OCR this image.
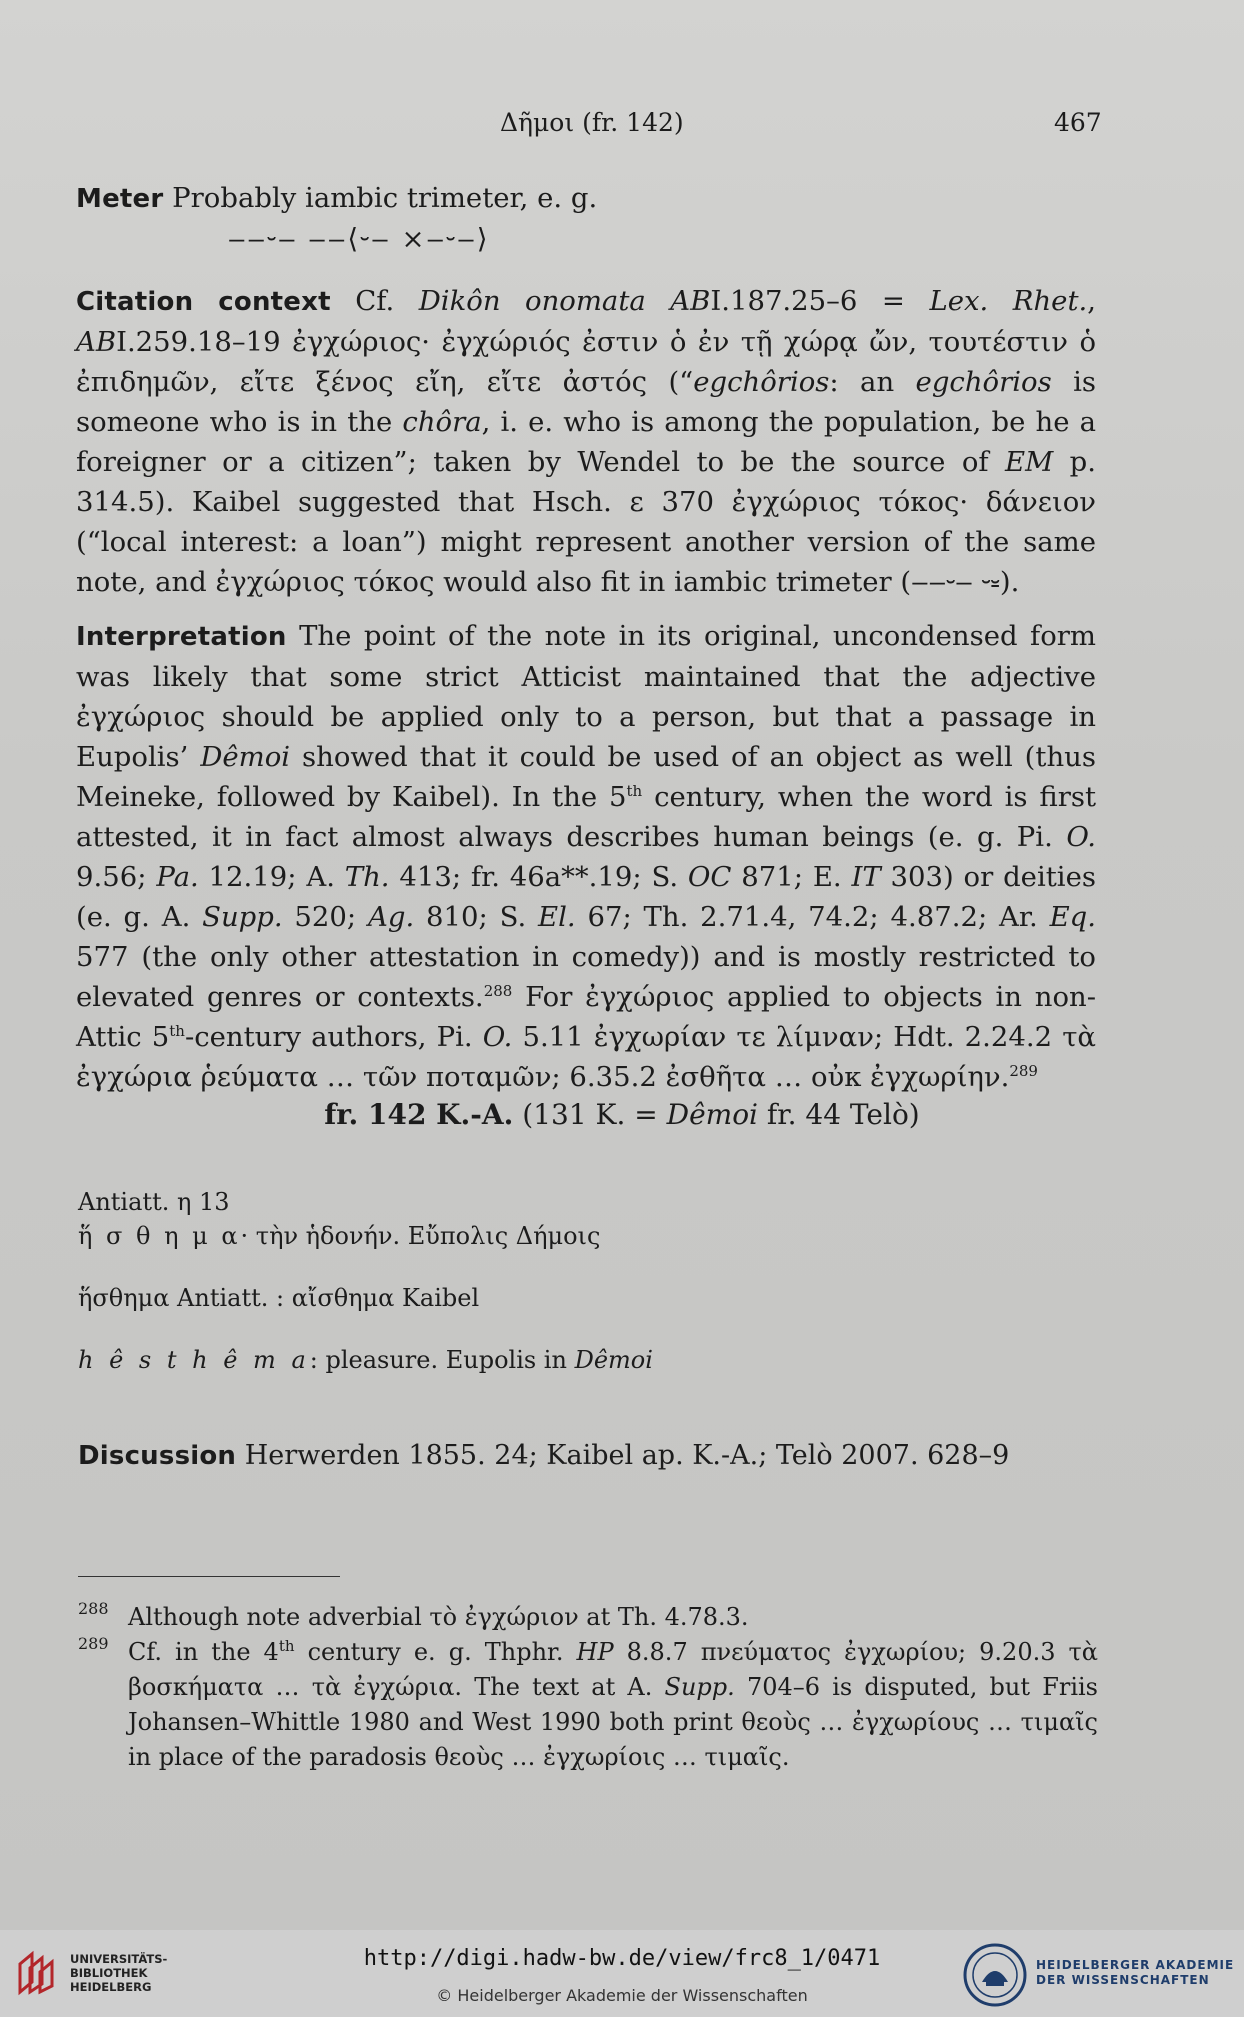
Δῆμοι (fr. 142)	467

Meter Probably iambic trimeter, e. g.

‒‒⏑‒ ‒‒⟨⏑‒ ×‒⏑‒⟩

Citation context Cf. Dikôn onomata ABI.187.25–6 = Lex. Rhet., ABI.259.18–19 ἐγχώριος· ἐγχώριός ἐστιν ὁ ἐν τῇ χώρᾳ ὤν, τουτέστιν ὁ ἐπιδημῶν, εἴτε ξένος εἴη, εἴτε ἀστός (“egchôrios: an egchôrios is someone who is in the chôra, i. e. who is among the population, be he a foreigner or a citizen”; taken by Wendel to be the source of EM p. 314.5). Kaibel suggested that Hsch. ε 370 ἐγχώριος τόκος· δάνειον (“local interest: a loan”) might represent another version of the same note, and ἐγχώριος τόκος would also fit in iambic trimeter (‒‒⏑‒ ⏑⏓).

Interpretation The point of the note in its original, uncondensed form was likely that some strict Atticist maintained that the adjective ἐγχώριος should be applied only to a person, but that a passage in Eupolis’ Dêmoi showed that it could be used of an object as well (thus Meineke, followed by Kaibel). In the 5th century, when the word is first attested, it in fact almost always describes human beings (e. g. Pi. O. 9.56; Pa. 12.19; A. Th. 413; fr. 46a**.19; S. OC 871; E. IT 303) or deities (e. g. A. Supp. 520; Ag. 810; S. El. 67; Th. 2.71.4, 74.2; 4.87.2; Ar. Eq. 577 (the only other attestation in comedy)) and is mostly restricted to elevated genres or contexts.$^{288}$ For ἐγχώριος applied to objects in non-Attic 5th-century authors, Pi. O. 5.11 ἐγχωρίαν τε λίμναν; Hdt. 2.24.2 τὰ ἐγχώρια ῥεύματα … τῶν ποταμῶν; 6.35.2 ἐσθῆτα … οὐκ ἐγχωρίην.$^{289}$

fr. 142 K.-A. (131 K. = Dêmoi fr. 44 Telò)
Antiatt. η 13
ἥ σ θ η μ α· τὴν ἡδονήν. Εὔπολις Δήμοις
ἥσθημα Antiatt. : αἴσθημα Kaibel
h ê s t h ê m a: pleasure. Eupolis in Dêmoi
Discussion Herwerden 1855. 24; Kaibel ap. K.-A.; Telò 2007. 628–9
288 Although note adverbial τὸ ἐγχώριον at Th. 4.78.3.
289 Cf. in the 4th century e. g. Thphr. HP 8.8.7 πνεύματος ἐγχωρίου; 9.20.3 τὰ βοσκήματα … τὰ ἐγχώρια. The text at A. Supp. 704–6 is disputed, but Friis Johansen–Whittle 1980 and West 1990 both print θεοὺς … ἐγχωρίους … τιμαῖς in place of the paradosis θεοὺς … ἐγχωρίοις … τιμαῖς.
UNIVERSITÄTS-
BIBLIOTHEK
HEIDELBERG
http://digi.hadw-bw.de/view/frc8_1/0471
© Heidelberger Akademie der Wissenschaften
HEIDELBERGER AKADEMIE
DER WISSENSCHAFTEN
